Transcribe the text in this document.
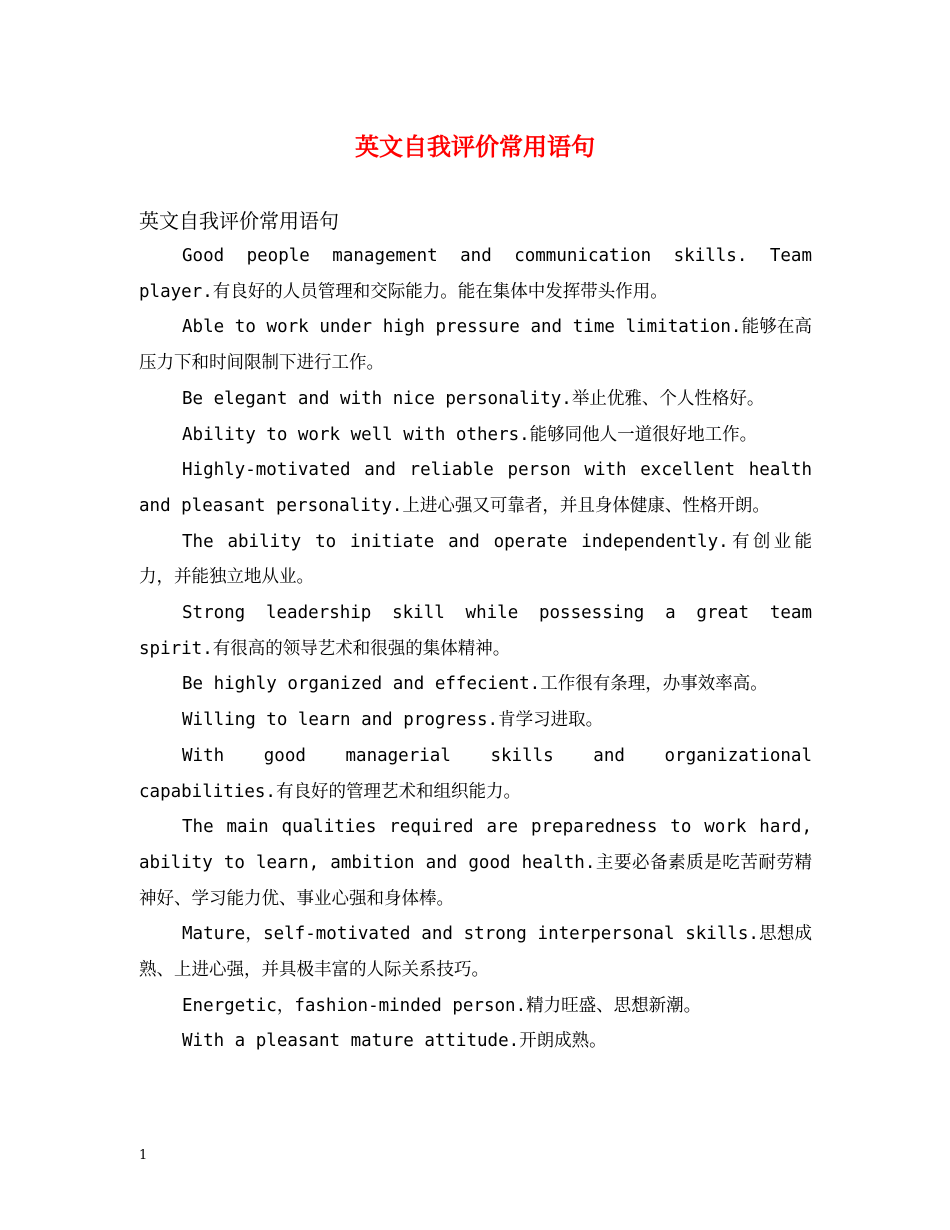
英文自我评价常用语句

英文自我评价常用语句

Good people management and communication skills. Team player.有良好的人员管理和交际能力。能在集体中发挥带头作用。

Able to work under high pressure and time limitation.能够在高压力下和时间限制下进行工作。

Be elegant and with nice personality.举止优雅、个人性格好。

Ability to work well with others.能够同他人一道很好地工作。

Highly-motivated and reliable person with excellent health and pleasant personality.上进心强又可靠者，并且身体健康、性格开朗。

The ability to initiate and operate independently.有创业能力，并能独立地从业。

Strong leadership skill while possessing a great team spirit.有很高的领导艺术和很强的集体精神。

Be highly organized and effecient.工作很有条理，办事效率高。

Willing to learn and progress.肯学习进取。

With good managerial skills and organizational capabilities.有良好的管理艺术和组织能力。

The main qualities required are preparedness to work hard, ability to learn, ambition and good health.主要必备素质是吃苦耐劳精神好、学习能力优、事业心强和身体棒。

Mature，self-motivated and strong interpersonal skills.思想成熟、上进心强，并具极丰富的人际关系技巧。

Energetic，fashion-minded person.精力旺盛、思想新潮。

With a pleasant mature attitude.开朗成熟。

1
